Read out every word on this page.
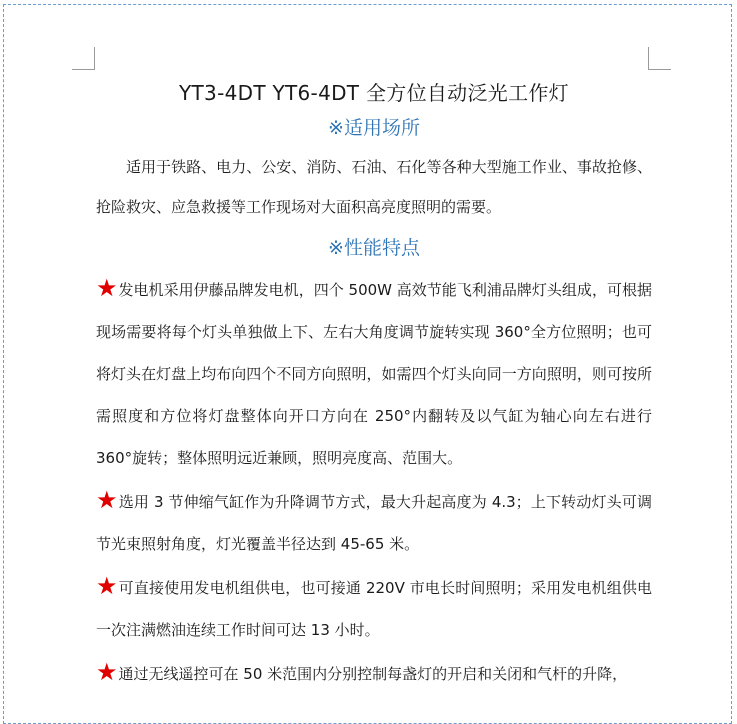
YT3-4DT YT6-4DT 全方位自动泛光工作灯
※适用场所

适用于铁路、电力、公安、消防、石油、石化等各种大型施工作业、事故抢修、抢险救灾、应急救援等工作现场对大面积高亮度照明的需要。

※性能特点

★发电机采用伊藤品牌发电机，四个 500W 高效节能飞利浦品牌灯头组成，可根据现场需要将每个灯头单独做上下、左右大角度调节旋转实现 360°全方位照明；也可将灯头在灯盘上均布向四个不同方向照明，如需四个灯头向同一方向照明，则可按所需照度和方位将灯盘整体向开口方向在 250°内翻转及以气缸为轴心向左右进行 360°旋转；整体照明远近兼顾，照明亮度高、范围大。

★选用 3 节伸缩气缸作为升降调节方式，最大升起高度为 4.3；上下转动灯头可调节光束照射角度，灯光覆盖半径达到 45-65 米。

★可直接使用发电机组供电，也可接通 220V 市电长时间照明；采用发电机组供电一次注满燃油连续工作时间可达 13 小时。

★通过无线遥控可在 50 米范围内分别控制每盏灯的开启和关闭和气杆的升降，
